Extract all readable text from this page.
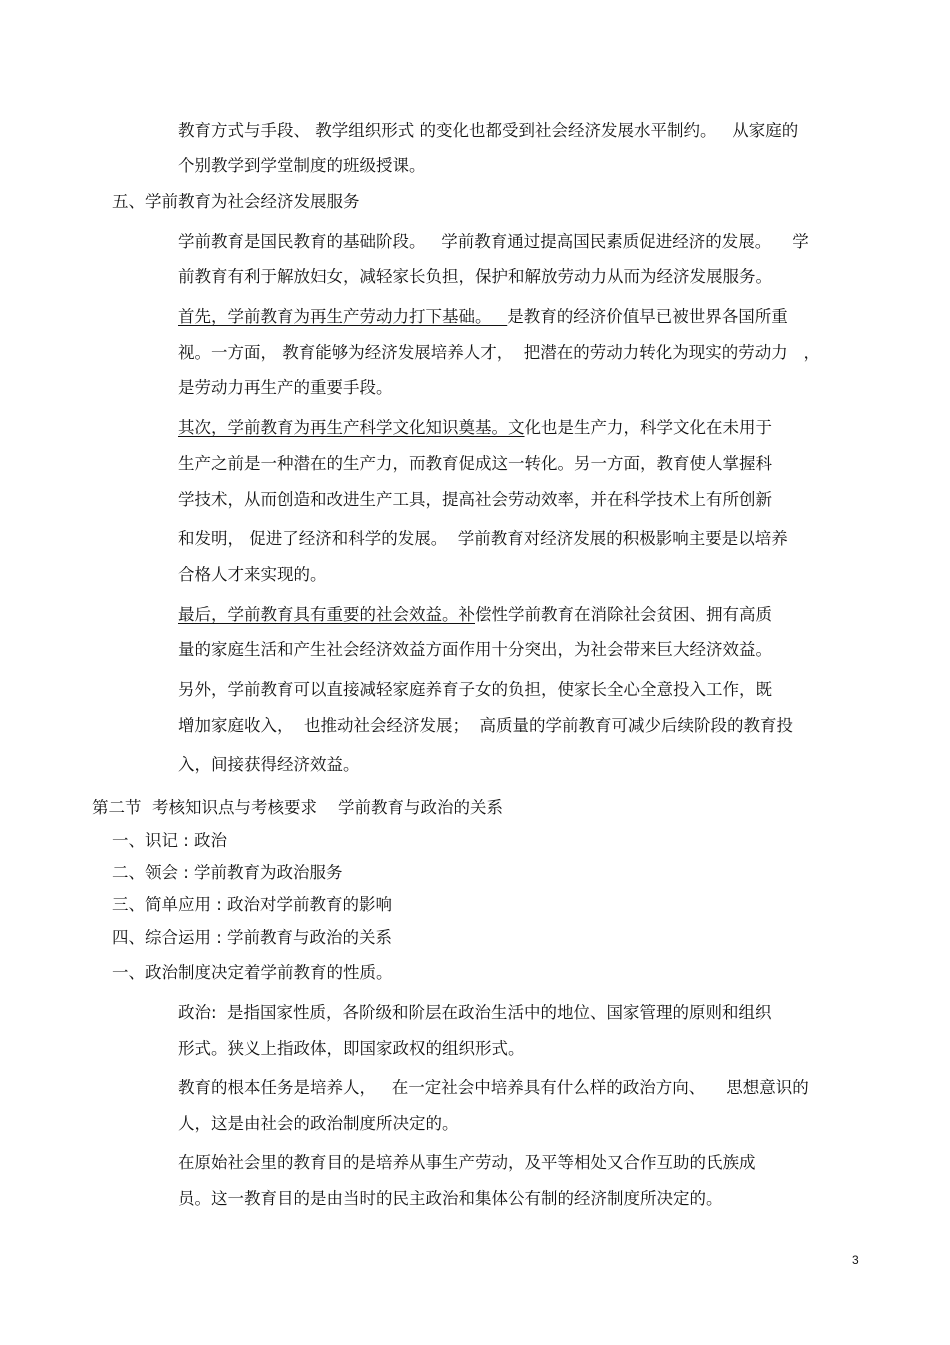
教育方式与手段、 教学组织形式 的变化也都受到社会经济发展水平制约。   从家庭的
个别教学到学堂制度的班级授课。
五、学前教育为社会经济发展服务
学前教育是国民教育的基础阶段。   学前教育通过提高国民素质促进经济的发展。    学
前教育有利于解放妇女，减轻家长负担，保护和解放劳动力从而为经济发展服务。
首先，学前教育为再生产劳动力打下基础。   是教育的经济价值早已被世界各国所重
视。一方面， 教育能够为经济发展培养人才，  把潜在的劳动力转化为现实的劳动力   ，
是劳动力再生产的重要手段。
其次，学前教育为再生产科学文化知识奠基。文化也是生产力，科学文化在未用于
生产之前是一种潜在的生产力，而教育促成这一转化。另一方面，教育使人掌握科
学技术，从而创造和改进生产工具，提高社会劳动效率，并在科学技术上有所创新
和发明， 促进了经济和科学的发展。  学前教育对经济发展的积极影响主要是以培养
合格人才来实现的。
最后，学前教育具有重要的社会效益。补偿性学前教育在消除社会贫困、拥有高质
量的家庭生活和产生社会经济效益方面作用十分突出，为社会带来巨大经济效益。
另外，学前教育可以直接减轻家庭养育子女的负担，使家长全心全意投入工作，既
增加家庭收入，  也推动社会经济发展；  高质量的学前教育可减少后续阶段的教育投
入，间接获得经济效益。
第二节  考核知识点与考核要求    学前教育与政治的关系
一、识记 : 政治
二、领会 : 学前教育为政治服务
三、简单应用 : 政治对学前教育的影响
四、综合运用 : 学前教育与政治的关系
一、政治制度决定着学前教育的性质。
政治:  是指国家性质，各阶级和阶层在政治生活中的地位、国家管理的原则和组织
形式。狭义上指政体，即国家政权的组织形式。
教育的根本任务是培养人，   在一定社会中培养具有什么样的政治方向、    思想意识的
人，这是由社会的政治制度所决定的。
在原始社会里的教育目的是培养从事生产劳动，及平等相处又合作互助的氏族成
员。这一教育目的是由当时的民主政治和集体公有制的经济制度所决定的。
3
